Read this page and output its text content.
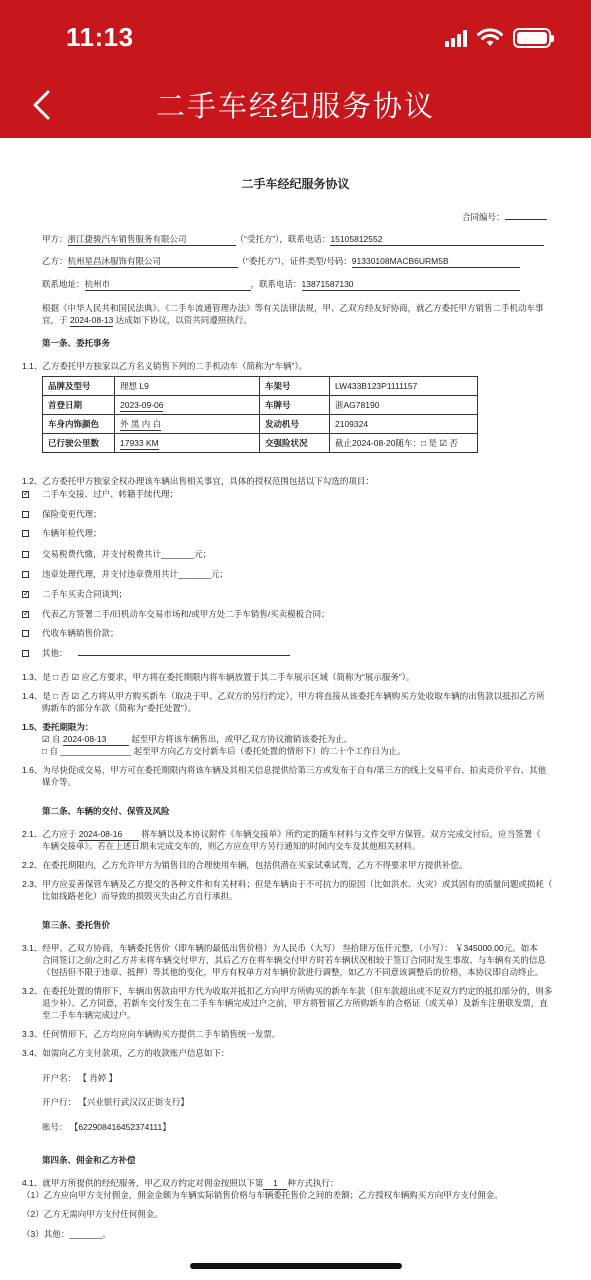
11:13
二手车经纪服务协议
二手车经纪服务协议
合同编号：
甲方：浙江捷骏汽车销售服务有限公司	（“受托方”），联系电话：15105812552
乙方：杭州星昌沐服饰有限公司	（“委托方”），证件类型/号码：91330108MACB6URM5B
联系地址：杭州市	，联系电话：13871587130
根据《中华人民共和国民法典》、《二手车流通管理办法》等有关法律法规，甲、乙双方经友好协商，就乙方委托甲方销售二手机动车事宜，于 2024-08-13 达成如下协议，以资共同遵照执行。
第一条、委托事务
1.1、乙方委托甲方独家以乙方名义销售下列的二手机动车（简称为“车辆”）。
品牌及型号	理想 L9	车架号	LW433B123P1111157
首登日期	2023-09-06	车牌号	浙AG78190
车身内饰颜色	外 黑 内 白	发动机号	2109324
已行驶公里数	17933 KM	交强险状况	截止2024-08-20随车：□ 是 ☑ 否
1.2、乙方委托甲方独家全权办理该车辆出售相关事宜，具体的授权范围包括以下勾选的项目：
✓二手车交接、过户、转籍手续代理；
保险变更代理；
车辆年检代理；
交易税费代缴，并支付税费共计_______元；
违章处理代理，并支付违章费用共计_______元；
✓二手车买卖合同谈判；
✓代表乙方签署二手/旧机动车交易市场和/或甲方处二手车销售/买卖模板合同；
代收车辆销售价款；
其他：
1.3、是 □ 否 ☑ 应乙方要求，甲方将在委托期限内将车辆放置于其二手车展示区域（简称为“展示服务”）。
1.4、是 □ 否 ☑ 乙方将从甲方购买新车（取决于甲、乙双方的另行约定），甲方将直接从该委托车辆购买方处收取车辆的出售款以抵扣乙方所
购新车的部分车款（简称为“委托处置”）。
1.5、委托期限为：
☑ 自 2024-08-13	起至甲方将该车辆售出，或甲乙双方协议撤销该委托为止。
□ 自 _______________ 起至甲方向乙方交付新车后（委托处置的情形下）的二十个工作日为止。
1.6、为尽快促成交易，甲方可在委托期限内将该车辆及其相关信息提供给第三方或发布于自有/第三方的线上交易平台、拍卖竞价平台、其他
媒介等。
第二条、车辆的交付、保管及风险
2.1、乙方应于 2024-08-16 将车辆以及本协议附件《车辆交接单》所约定的随车材料与文件交甲方保管。双方完成交付后，应当签署《
车辆交接单》。若在上述日期未完成交车的，则乙方应在甲方另行通知的时间内交车及其他相关材料。
2.2、在委托期限内，乙方允许甲方为销售目的合理使用车辆，包括供潜在买家试乘试驾，乙方不得要求甲方提供补偿。
2.3、甲方应妥善保管车辆及乙方提交的各种文件和有关材料；但是车辆由于不可抗力的原因（比如洪水、火灾）或其固有的质量问题或损耗（
比如线路老化）而导致的损毁灭失由乙方自行承担。
第三条、委托售价
3.1、经甲、乙双方协商，车辆委托售价（即车辆的最低出售价格）为人民币（大写） 叁拾肆万伍仟元整，（小写）： ￥345000.00元。如本
合同签订之前/之时乙方并未将车辆交付甲方，其后乙方在将车辆交付甲方时若车辆状况相较于签订合同时发生事故、与车辆有关的信息
（包括但不限于违章、抵押）等其他的变化，甲方有权单方对车辆价款进行调整，如乙方不同意该调整后的价格，本协议即自动终止。
3.2、在委托处置的情形下，车辆出售款由甲方代为收取并抵扣乙方向甲方所购买的新车车款（但车款超出或不足双方约定的抵扣部分的，则多
退少补）。乙方同意，若新车交付发生在二手车车辆完成过户之前，甲方将暂留乙方所购新车的合格证（或关单）及新车注册联发票，直
至二手车车辆完成过户。
3.3、任何情形下，乙方均应向车辆购买方提供二手车销售统一发票。
3.4、如需向乙方支付款项，乙方的收款账户信息如下：
开户名： 【 肖婷 】
开户行： 【兴业银行武汉汉正街支行】
账号： 【622908416452374111】
第四条、佣金和乙方补偿
4.1、就甲方所提供的经纪服务，甲乙双方约定对佣金按照以下第 1 种方式执行：
（1）乙方应向甲方支付佣金，佣金金额为车辆实际销售价格与车辆委托售价之间的差额；乙方授权车辆购买方向甲方支付佣金。
（2）乙方无需向甲方支付任何佣金。
（3）其他：_______。
